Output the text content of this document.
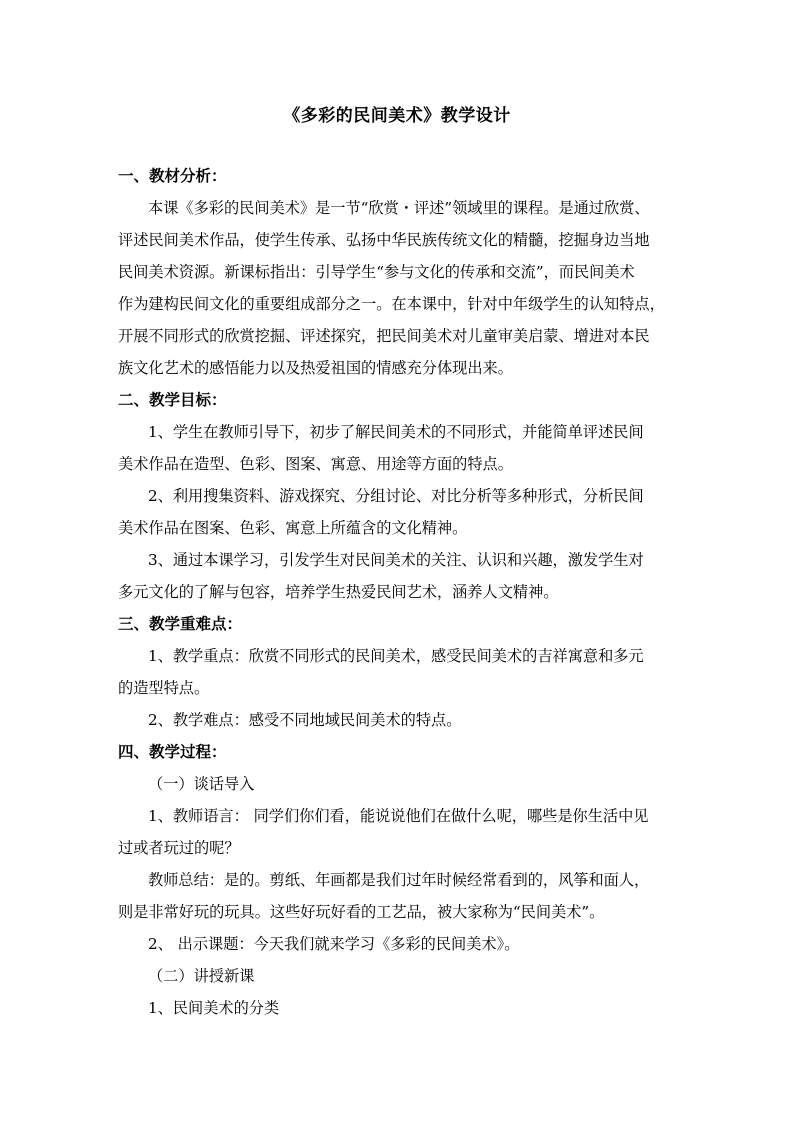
《多彩的民间美术》教学设计
一、教材分析：
本课《多彩的民间美术》是一节“欣赏・评述”领域里的课程。是通过欣赏、
评述民间美术作品，使学生传承、弘扬中华民族传统文化的精髓，挖掘身边当地
民间美术资源。新课标指出：引导学生“参与文化的传承和交流”，而民间美术
作为建构民间文化的重要组成部分之一。在本课中，针对中年级学生的认知特点，
开展不同形式的欣赏挖掘、评述探究，把民间美术对儿童审美启蒙、增进对本民
族文化艺术的感悟能力以及热爱祖国的情感充分体现出来。
二、教学目标：
1、学生在教师引导下，初步了解民间美术的不同形式，并能简单评述民间
美术作品在造型、色彩、图案、寓意、用途等方面的特点。
2、利用搜集资料、游戏探究、分组讨论、对比分析等多种形式，分析民间
美术作品在图案、色彩、寓意上所蕴含的文化精神。
3、通过本课学习，引发学生对民间美术的关注、认识和兴趣，激发学生对
多元文化的了解与包容，培养学生热爱民间艺术，涵养人文精神。
三、教学重难点：
1、教学重点：欣赏不同形式的民间美术，感受民间美术的吉祥寓意和多元
的造型特点。
2、教学难点：感受不同地域民间美术的特点。
四、教学过程：
（一）谈话导入
1、教师语言： 同学们你们看，能说说他们在做什么呢，哪些是你生活中见
过或者玩过的呢？
教师总结：是的。剪纸、年画都是我们过年时候经常看到的，风筝和面人，
则是非常好玩的玩具。这些好玩好看的工艺品，被大家称为“民间美术”。
2、 出示课题：今天我们就来学习《多彩的民间美术》。
（二）讲授新课
1、民间美术的分类
